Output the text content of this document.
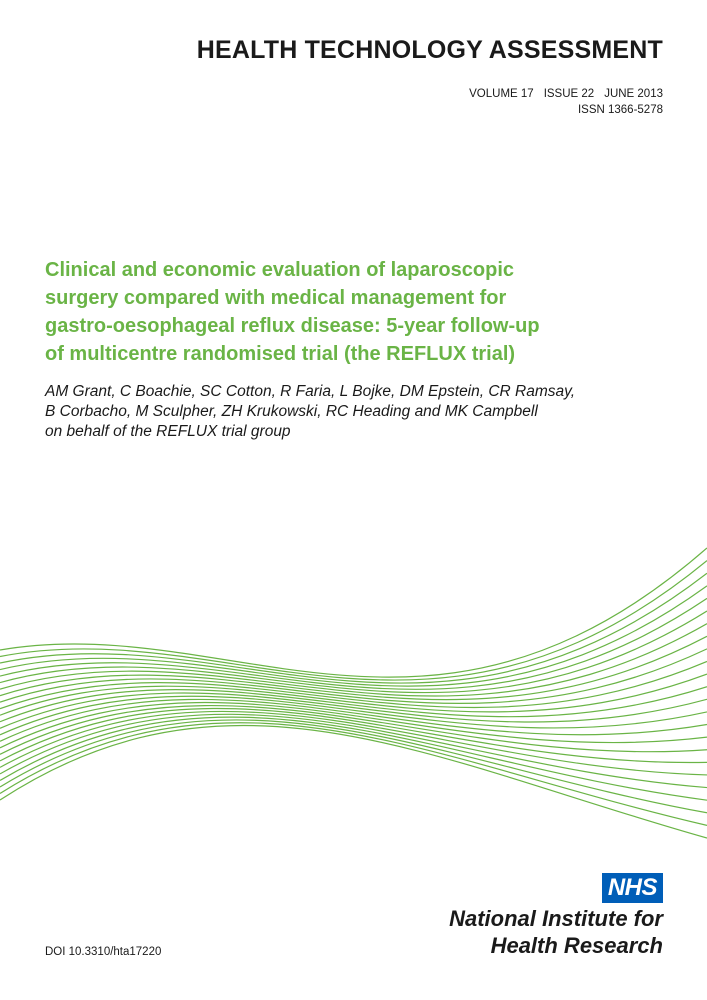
HEALTH TECHNOLOGY ASSESSMENT
VOLUME 17 ISSUE 22 JUNE 2013
ISSN 1366-5278
Clinical and economic evaluation of laparoscopic
surgery compared with medical management for
gastro-oesophageal reflux disease: 5-year follow-up
of multicentre randomised trial (the REFLUX trial)
AM Grant, C Boachie, SC Cotton, R Faria, L Bojke, DM Epstein, CR Ramsay,
B Corbacho, M Sculpher, ZH Krukowski, RC Heading and MK Campbell
on behalf of the REFLUX trial group
NHS
National Institute for
Health Research
DOI 10.3310/hta17220
